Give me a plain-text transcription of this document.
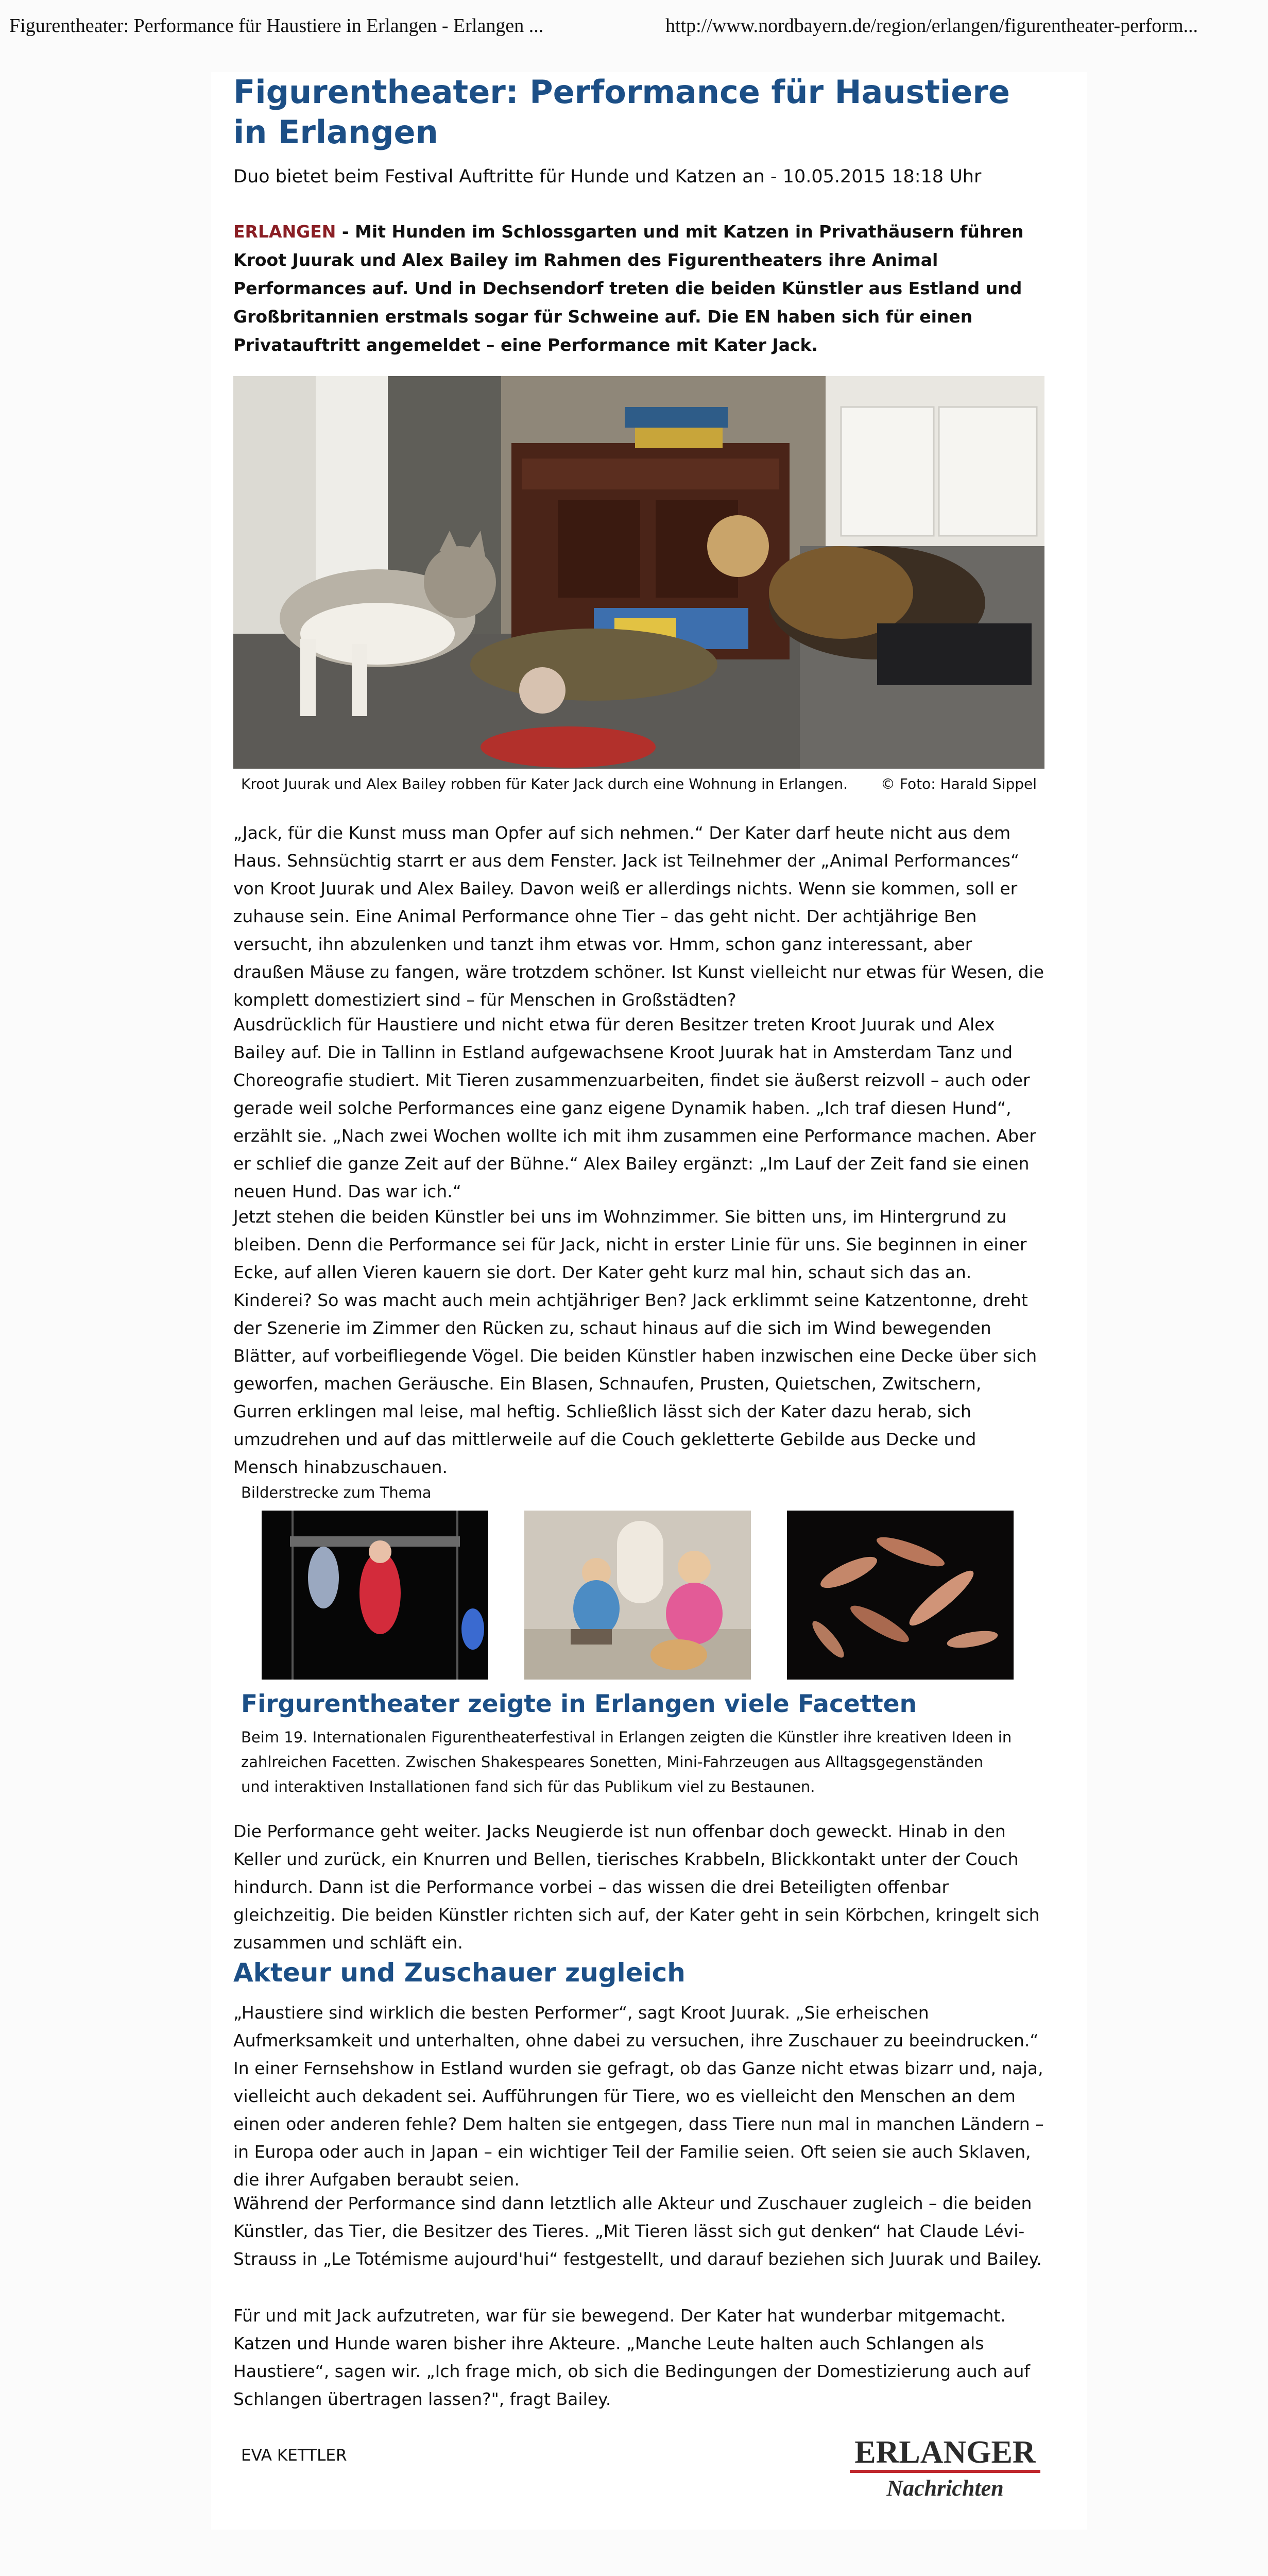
Figurentheater: Performance für Haustiere in Erlangen - Erlangen ...	http://www.nordbayern.de/region/erlangen/figurentheater-perform...
Figurentheater: Performance für Haustiere in Erlangen
Duo bietet beim Festival Auftritte für Hunde und Katzen an - 10.05.2015 18:18 Uhr
ERLANGEN - Mit Hunden im Schlossgarten und mit Katzen in Privathäusern führen Kroot Juurak und Alex Bailey im Rahmen des Figurentheaters ihre Animal Performances auf. Und in Dechsendorf treten die beiden Künstler aus Estland und Großbritannien erstmals sogar für Schweine auf. Die EN haben sich für einen Privatauftritt angemeldet – eine Performance mit Kater Jack.
Kroot Juurak und Alex Bailey robben für Kater Jack durch eine Wohnung in Erlangen. © Foto: Harald Sippel

„Jack, für die Kunst muss man Opfer auf sich nehmen.“ Der Kater darf heute nicht aus dem Haus. Sehnsüchtig starrt er aus dem Fenster. Jack ist Teilnehmer der „Animal Performances“ von Kroot Juurak und Alex Bailey. Davon weiß er allerdings nichts. Wenn sie kommen, soll er zuhause sein. Eine Animal Performance ohne Tier – das geht nicht. Der achtjährige Ben versucht, ihn abzulenken und tanzt ihm etwas vor. Hmm, schon ganz interessant, aber draußen Mäuse zu fangen, wäre trotzdem schöner. Ist Kunst vielleicht nur etwas für Wesen, die komplett domestiziert sind – für Menschen in Großstädten?

Ausdrücklich für Haustiere und nicht etwa für deren Besitzer treten Kroot Juurak und Alex Bailey auf. Die in Tallinn in Estland aufgewachsene Kroot Juurak hat in Amsterdam Tanz und Choreografie studiert. Mit Tieren zusammenzuarbeiten, findet sie äußerst reizvoll – auch oder gerade weil solche Performances eine ganz eigene Dynamik haben. „Ich traf diesen Hund“, erzählt sie. „Nach zwei Wochen wollte ich mit ihm zusammen eine Performance machen. Aber er schlief die ganze Zeit auf der Bühne.“ Alex Bailey ergänzt: „Im Lauf der Zeit fand sie einen neuen Hund. Das war ich.“

Jetzt stehen die beiden Künstler bei uns im Wohnzimmer. Sie bitten uns, im Hintergrund zu bleiben. Denn die Performance sei für Jack, nicht in erster Linie für uns. Sie beginnen in einer Ecke, auf allen Vieren kauern sie dort. Der Kater geht kurz mal hin, schaut sich das an. Kinderei? So was macht auch mein achtjähriger Ben? Jack erklimmt seine Katzentonne, dreht der Szenerie im Zimmer den Rücken zu, schaut hinaus auf die sich im Wind bewegenden Blätter, auf vorbeifliegende Vögel. Die beiden Künstler haben inzwischen eine Decke über sich geworfen, machen Geräusche. Ein Blasen, Schnaufen, Prusten, Quietschen, Zwitschern, Gurren erklingen mal leise, mal heftig. Schließlich lässt sich der Kater dazu herab, sich umzudrehen und auf das mittlerweile auf die Couch gekletterte Gebilde aus Decke und Mensch hinabzuschauen.

Bilderstrecke zum Thema
Firgurentheater zeigte in Erlangen viele Facetten
Beim 19. Internationalen Figurentheaterfestival in Erlangen zeigten die Künstler ihre kreativen Ideen in zahlreichen Facetten. Zwischen Shakespeares Sonetten, Mini-Fahrzeugen aus Alltagsgegenständen und interaktiven Installationen fand sich für das Publikum viel zu Bestaunen.

Die Performance geht weiter. Jacks Neugierde ist nun offenbar doch geweckt. Hinab in den Keller und zurück, ein Knurren und Bellen, tierisches Krabbeln, Blickkontakt unter der Couch hindurch. Dann ist die Performance vorbei – das wissen die drei Beteiligten offenbar gleichzeitig. Die beiden Künstler richten sich auf, der Kater geht in sein Körbchen, kringelt sich zusammen und schläft ein.

Akteur und Zuschauer zugleich

„Haustiere sind wirklich die besten Performer“, sagt Kroot Juurak. „Sie erheischen Aufmerksamkeit und unterhalten, ohne dabei zu versuchen, ihre Zuschauer zu beeindrucken.“ In einer Fernsehshow in Estland wurden sie gefragt, ob das Ganze nicht etwas bizarr und, naja, vielleicht auch dekadent sei. Aufführungen für Tiere, wo es vielleicht den Menschen an dem einen oder anderen fehle? Dem halten sie entgegen, dass Tiere nun mal in manchen Ländern – in Europa oder auch in Japan – ein wichtiger Teil der Familie seien. Oft seien sie auch Sklaven, die ihrer Aufgaben beraubt seien.

Während der Performance sind dann letztlich alle Akteur und Zuschauer zugleich – die beiden Künstler, das Tier, die Besitzer des Tieres. „Mit Tieren lässt sich gut denken“ hat Claude Lévi-Strauss in „Le Totémisme aujourd'hui“ festgestellt, und darauf beziehen sich Juurak und Bailey.

Für und mit Jack aufzutreten, war für sie bewegend. Der Kater hat wunderbar mitgemacht. Katzen und Hunde waren bisher ihre Akteure. „Manche Leute halten auch Schlangen als Haustiere“, sagen wir. „Ich frage mich, ob sich die Bedingungen der Domestizierung auch auf Schlangen übertragen lassen?", fragt Bailey.

EVA KETTLER	ERLANGER
Nachrichten
